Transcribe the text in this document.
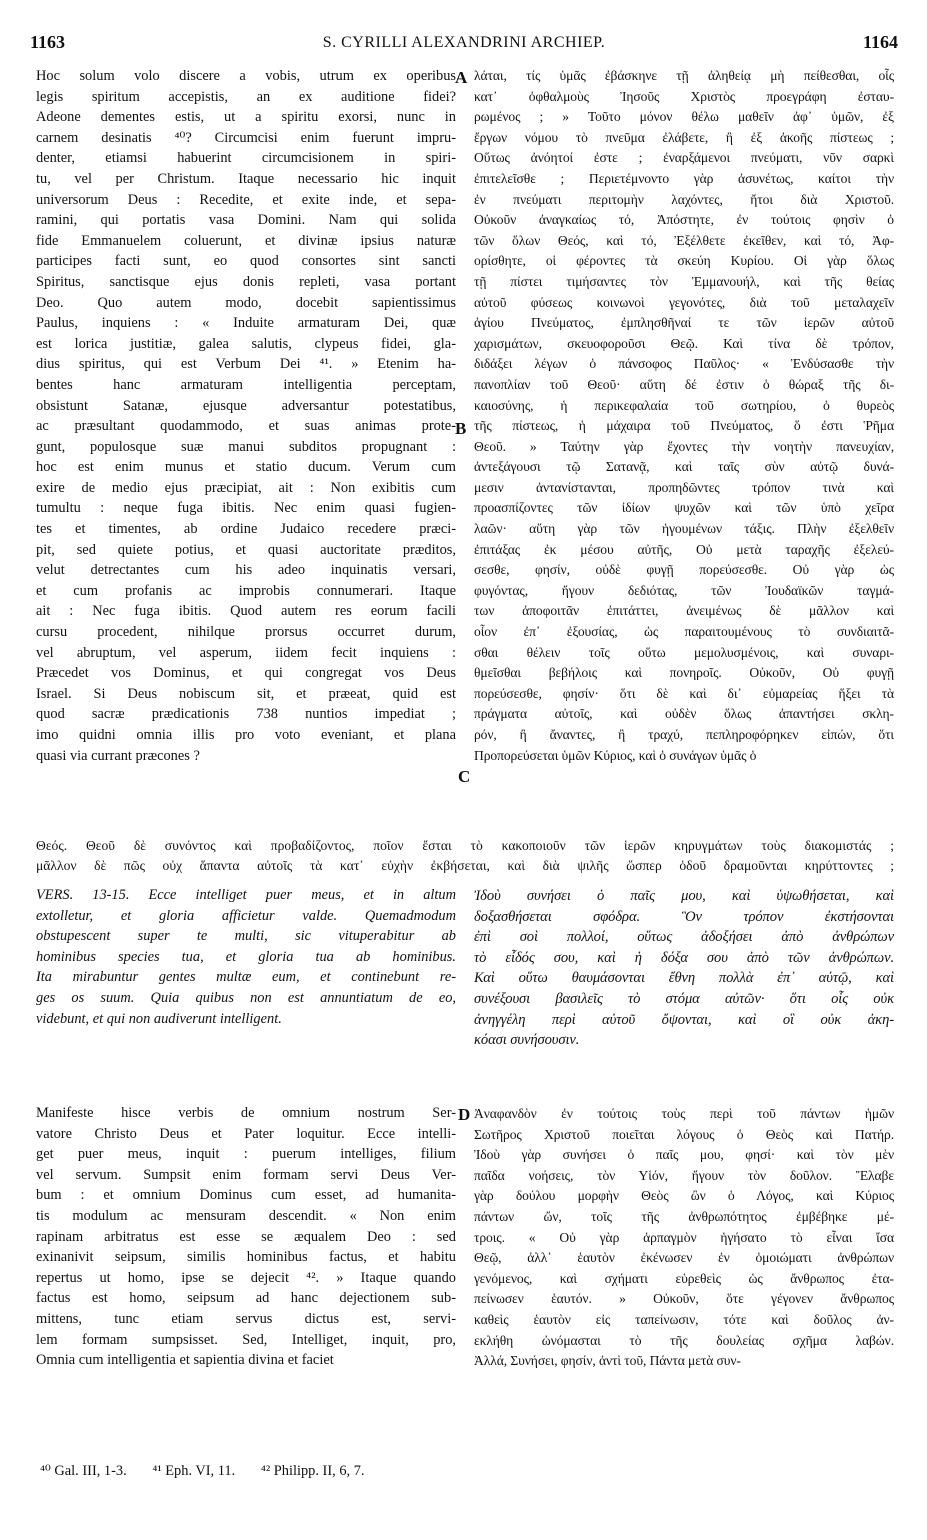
1163	S. CYRILLI ALEXANDRINI ARCHIEP.	1164
Hoc solum volo discere a vobis, utrum ex operibus
legis spiritum accepistis, an ex auditione fidei?
Adeone dementes estis, ut a spiritu exorsi, nunc in
carnem desinatis ⁴⁰? Circumcisi enim fuerunt impru-
denter, etiamsi habuerint circumcisionem in spiri-
tu, vel per Christum. Itaque necessario hic inquit
universorum Deus : Recedite, et exite inde, et sepa-
ramini, qui portatis vasa Domini. Nam qui solida
fide Emmanuelem coluerunt, et divinæ ipsius naturæ
participes facti sunt, eo quod consortes sint sancti
Spiritus, sanctisque ejus donis repleti, vasa portant
Deo. Quo autem modo, docebit sapientissimus
Paulus, inquiens : « Induite armaturam Dei, quæ
est lorica justitiæ, galea salutis, clypeus fidei, gla-
dius spiritus, qui est Verbum Dei ⁴¹. » Etenim ha-
bentes hanc armaturam intelligentia perceptam,
obsistunt Satanæ, ejusque adversantur potestatibus,
ac præsultant quodammodo, et suas animas prote-
gunt, populosque suæ manui subditos propugnant :
hoc est enim munus et statio ducum. Verum cum
exire de medio ejus præcipiat, ait : Non exibitis cum
tumultu : neque fuga ibitis. Nec enim quasi fugien-
tes et timentes, ab ordine Judaico recedere præci-
pit, sed quiete potius, et quasi auctoritate præditos,
velut detrectantes cum his adeo inquinatis versari,
et cum profanis ac improbis connumerari. Itaque
ait : Nec fuga ibitis. Quod autem res eorum facili
cursu procedent, nihilque prorsus occurret durum,
vel abruptum, vel asperum, iidem fecit inquiens :
Præcedet vos Dominus, et qui congregat vos Deus
Israel. Si Deus nobiscum sit, et præeat, quid est
quod sacræ prædicationis 738 nuntios impediat ;
imo quidni omnia illis pro voto eveniant, et plana
quasi via currant præcones ?
λάται, τίς ὑμᾶς ἐβάσκηνε τῇ ἀληθείᾳ μὴ πείθεσθαι, οἷς
κατ᾽ ὀφθαλμοὺς Ἰησοῦς Χριστὸς προεγράφη ἐσταυ-
ρωμένος ; » Τοῦτο μόνον θέλω μαθεῖν ἀφ᾽ ὑμῶν, ἐξ
ἔργων νόμου τὸ πνεῦμα ἐλάβετε, ἢ ἐξ ἀκοῆς πίστεως ;
Οὕτως ἀνόητοί ἐστε ; ἐναρξάμενοι πνεύματι, νῦν σαρκὶ
ἐπιτελεῖσθε ; Περιετέμνοντο γὰρ ἀσυνέτως, καίτοι τὴν
ἐν πνεύματι περιτομὴν λαχόντες, ἤτοι διὰ Χριστοῦ.
Οὐκοῦν ἀναγκαίως τό, Ἀπόστητε, ἐν τούτοις φησὶν ὁ
τῶν ὅλων Θεός, καὶ τό, Ἐξέλθετε ἐκεῖθεν, καὶ τό, Ἀφ-
ορίσθητε, οἱ φέροντες τὰ σκεύη Κυρίου. Οἱ γὰρ ὅλως
τῇ πίστει τιμήσαντες τὸν Ἐμμανουήλ, καὶ τῆς θείας
αὐτοῦ φύσεως κοινωνοὶ γεγονότες, διὰ τοῦ μεταλαχεῖν
ἁγίου Πνεύματος, ἐμπλησθῆναί τε τῶν ἱερῶν αὐτοῦ
χαρισμάτων, σκευοφοροῦσι Θεῷ. Καὶ τίνα δὲ τρόπον,
διδάξει λέγων ὁ πάνσοφος Παῦλος· « Ἐνδύσασθε τὴν
πανοπλίαν τοῦ Θεοῦ· αὕτη δέ ἐστιν ὁ θώραξ τῆς δι-
καιοσύνης, ἡ περικεφαλαία τοῦ σωτηρίου, ὁ θυρεὸς
τῆς πίστεως, ἡ μάχαιρα τοῦ Πνεύματος, ὅ ἐστι Ῥῆμα
Θεοῦ. » Ταύτην γὰρ ἔχοντες τὴν νοητὴν πανευχίαν,
ἀντεξάγουσι τῷ Σατανᾷ, καὶ ταῖς σὺν αὐτῷ δυνά-
μεσιν ἀντανίστανται, προπηδῶντες τρόπον τινὰ καὶ
προασπίζοντες τῶν ἰδίων ψυχῶν καὶ τῶν ὑπὸ χεῖρα
λαῶν· αὕτη γὰρ τῶν ἡγουμένων τάξις. Πλὴν ἐξελθεῖν
ἐπιτάξας ἐκ μέσου αὐτῆς, Οὐ μετὰ ταραχῆς ἐξελεύ-
σεσθε, φησίν, οὐδὲ φυγῇ πορεύσεσθε. Οὐ γὰρ ὡς
φυγόντας, ἤγουν δεδιότας, τῶν Ἰουδαϊκῶν ταγμά-
των ἀποφοιτᾶν ἐπιτάττει, ἀνειμένως δὲ μᾶλλον καὶ
οἷον ἐπ᾽ ἐξουσίας, ὡς παραιτουμένους τὸ συνδιαιτᾶ-
σθαι θέλειν τοῖς οὕτω μεμολυσμένοις, καὶ συναρι-
θμεῖσθαι βεβήλοις καὶ πονηροῖς. Οὐκοῦν, Οὐ φυγῇ
πορεύσεσθε, φησίν· ὅτι δὲ καὶ δι᾽ εὐμαρείας ἥξει τὰ
πράγματα αὐτοῖς, καὶ οὐδὲν ὅλως ἀπαντήσει σκλη-
ρόν, ἢ ἄναντες, ἢ τραχύ, πεπληροφόρηκεν εἰπών, ὅτι
Προπορεύσεται ὑμῶν Κύριος, καὶ ὁ συνάγων ὑμᾶς ὁ
A
B
C
D
Θεός. Θεοῦ δὲ συνόντος καὶ προβαδίζοντος, ποῖον ἔσται τὸ κακοποιοῦν τῶν ἱερῶν κηρυγμάτων τοὺς διακομιστάς ;
μᾶλλον δὲ πῶς οὐχ ἅπαντα αὐτοῖς τὰ κατ᾽ εὐχὴν ἐκβήσεται, καὶ διὰ ψιλῆς ὥσπερ ὁδοῦ δραμοῦνται κηρύττοντες ;
VERS. 13-15. Ecce intelliget puer meus, et in altum
extolletur, et gloria afficietur valde. Quemadmodum
obstupescent super te multi, sic vituperabitur ab
hominibus species tua, et gloria tua ab hominibus.
Ita mirabuntur gentes multæ eum, et continebunt re-
ges os suum. Quia quibus non est annuntiatum de eo,
videbunt, et qui non audiverunt intelligent.
Ἰδοὺ συνήσει ὁ παῖς μου, καὶ ὑψωθήσεται, καὶ
δοξασθήσεται σφόδρα. Ὃν τρόπον ἐκστήσονται
ἐπὶ σοὶ πολλοί, οὕτως ἀδοξήσει ἀπὸ ἀνθρώπων
τὸ εἶδός σου, καὶ ἡ δόξα σου ἀπὸ τῶν ἀνθρώπων.
Καὶ οὕτω θαυμάσονται ἔθνη πολλὰ ἐπ᾽ αὐτῷ, καὶ
συνέξουσι βασιλεῖς τὸ στόμα αὐτῶν· ὅτι οἷς οὐκ
ἀνηγγέλη περὶ αὐτοῦ ὄψονται, καὶ οἳ οὐκ ἀκη-
κόασι συνήσουσιν.
Manifeste hisce verbis de omnium nostrum Ser-
vatore Christo Deus et Pater loquitur. Ecce intelli-
get puer meus, inquit : puerum intelliges, filium
vel servum. Sumpsit enim formam servi Deus Ver-
bum : et omnium Dominus cum esset, ad humanita-
tis modulum ac mensuram descendit. « Non enim
rapinam arbitratus est esse se æqualem Deo : sed
exinanivit seipsum, similis hominibus factus, et habitu
repertus ut homo, ipse se dejecit ⁴². » Itaque quando
factus est homo, seipsum ad hanc dejectionem sub-
mittens, tunc etiam servus dictus est, servi-
lem formam sumpsisset. Sed, Intelliget, inquit, pro,
Omnia cum intelligentia et sapientia divina et faciet
Ἀναφανδὸν ἐν τούτοις τοὺς περὶ τοῦ πάντων ἡμῶν
Σωτῆρος Χριστοῦ ποιεῖται λόγους ὁ Θεὸς καὶ Πατήρ.
Ἰδοὺ γὰρ συνήσει ὁ παῖς μου, φησί· καὶ τὸν μὲν
παῖδα νοήσεις, τὸν Υἱόν, ἤγουν τὸν δοῦλον. Ἔλαβε
γὰρ δούλου μορφὴν Θεὸς ὢν ὁ Λόγος, καὶ Κύριος
πάντων ὤν, τοῖς τῆς ἀνθρωπότητος ἐμβέβηκε μέ-
τροις. « Οὐ γὰρ ἁρπαγμὸν ἡγήσατο τὸ εἶναι ἴσα
Θεῷ, ἀλλ᾽ ἑαυτὸν ἐκένωσεν ἐν ὁμοιώματι ἀνθρώπων
γενόμενος, καὶ σχήματι εὑρεθεὶς ὡς ἄνθρωπος ἐτα-
πείνωσεν ἑαυτόν. » Οὐκοῦν, ὅτε γέγονεν ἄνθρωπος
καθεὶς ἑαυτὸν εἰς ταπείνωσιν, τότε καὶ δοῦλος ἀν-
εκλήθη ὠνόμασται τὸ τῆς δουλείας σχῆμα λαβών.
Ἀλλά, Συνήσει, φησίν, ἀντὶ τοῦ, Πάντα μετὰ συν-
⁴⁰ Gal. III, 1-3. ⁴¹ Eph. VI, 11. ⁴² Philipp. II, 6, 7.
